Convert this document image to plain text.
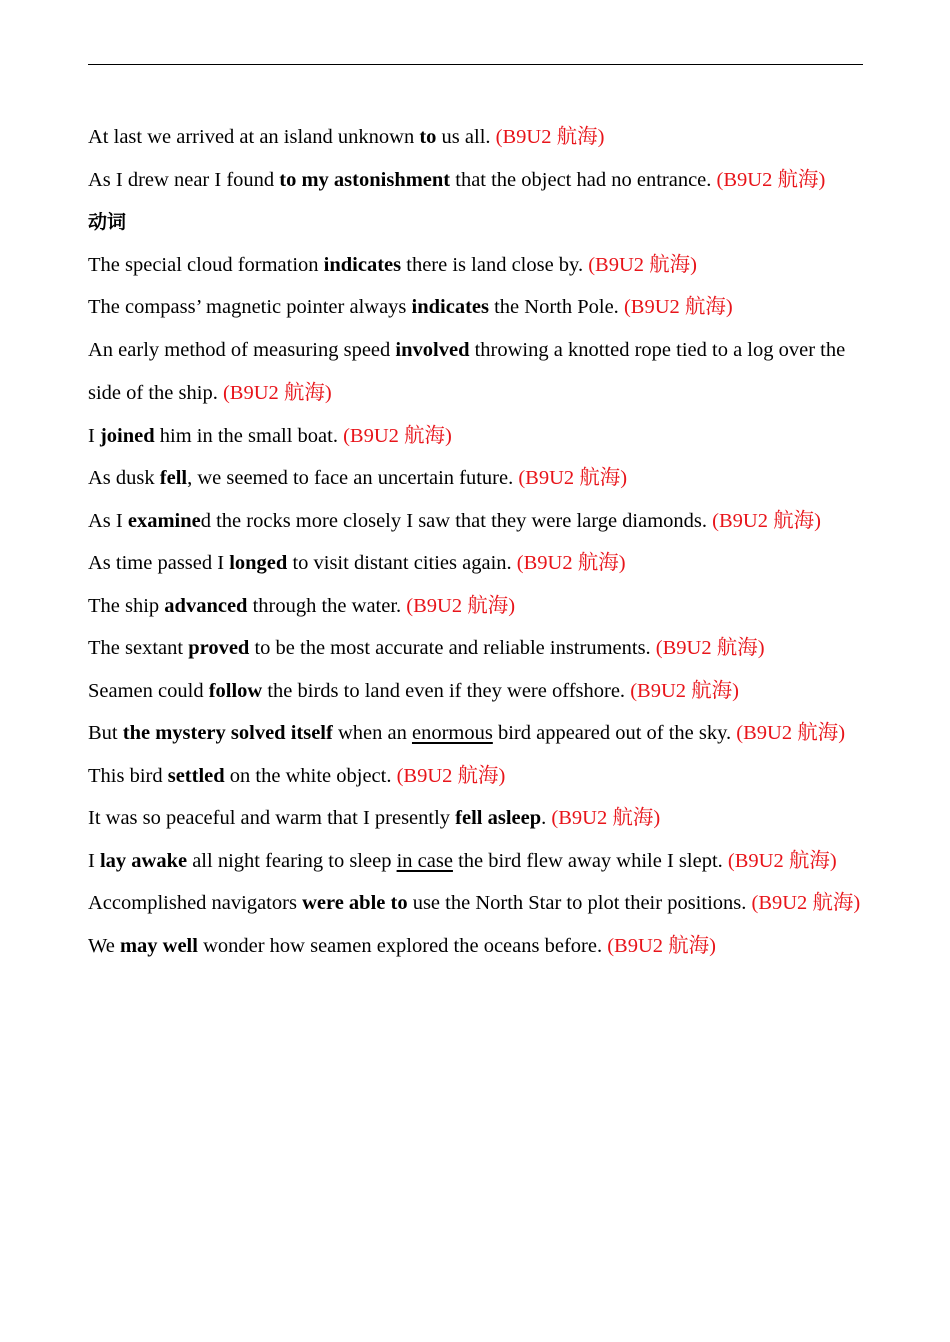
At last we arrived at an island unknown to us all. (B9U2 航海)

As I drew near I found to my astonishment that the object had no entrance. (B9U2 航海)

动词

The special cloud formation indicates there is land close by. (B9U2 航海)

The compass’ magnetic pointer always indicates the North Pole. (B9U2 航海)

An early method of measuring speed involved throwing a knotted rope tied to a log over the side of the ship. (B9U2 航海)

I joined him in the small boat. (B9U2 航海)

As dusk fell, we seemed to face an uncertain future. (B9U2 航海)

As I examined the rocks more closely I saw that they were large diamonds. (B9U2 航海)

As time passed I longed to visit distant cities again. (B9U2 航海)

The ship advanced through the water. (B9U2 航海)

The sextant proved to be the most accurate and reliable instruments. (B9U2 航海)

Seamen could follow the birds to land even if they were offshore. (B9U2 航海)

But the mystery solved itself when an enormous bird appeared out of the sky. (B9U2 航海)

This bird settled on the white object. (B9U2 航海)

It was so peaceful and warm that I presently fell asleep. (B9U2 航海)

I lay awake all night fearing to sleep in case the bird flew away while I slept. (B9U2 航海)

Accomplished navigators were able to use the North Star to plot their positions. (B9U2 航海)

We may well wonder how seamen explored the oceans before. (B9U2 航海)
